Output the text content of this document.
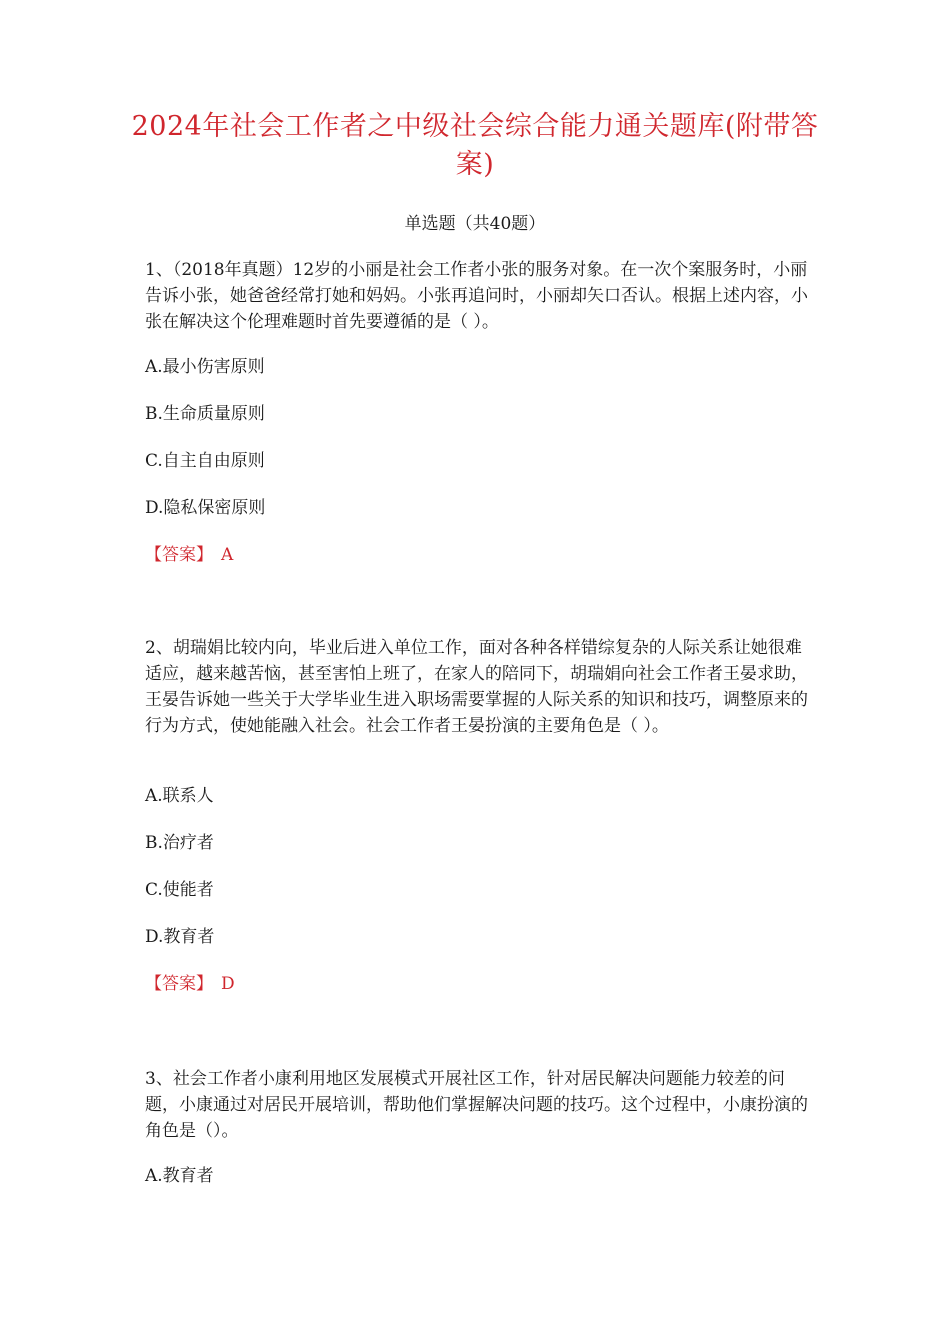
2024年社会工作者之中级社会综合能力通关题库(附带答案)
单选题（共40题）

1、（2018年真题）12岁的小丽是社会工作者小张的服务对象。在一次个案服务时，小丽告诉小张，她爸爸经常打她和妈妈。小张再追问时，小丽却矢口否认。根据上述内容，小张在解决这个伦理难题时首先要遵循的是（ ）。

A.最小伤害原则
B.生命质量原则
C.自主自由原则
D.隐私保密原则
【答案】 A

2、胡瑞娟比较内向，毕业后进入单位工作，面对各种各样错综复杂的人际关系让她很难适应，越来越苦恼，甚至害怕上班了，在家人的陪同下，胡瑞娟向社会工作者王晏求助，王晏告诉她一些关于大学毕业生进入职场需要掌握的人际关系的知识和技巧，调整原来的行为方式，使她能融入社会。社会工作者王晏扮演的主要角色是（ ）。

A.联系人
B.治疗者
C.使能者
D.教育者
【答案】 D

3、社会工作者小康利用地区发展模式开展社区工作，针对居民解决问题能力较差的问题，小康通过对居民开展培训，帮助他们掌握解决问题的技巧。这个过程中，小康扮演的角色是（）。

A.教育者
